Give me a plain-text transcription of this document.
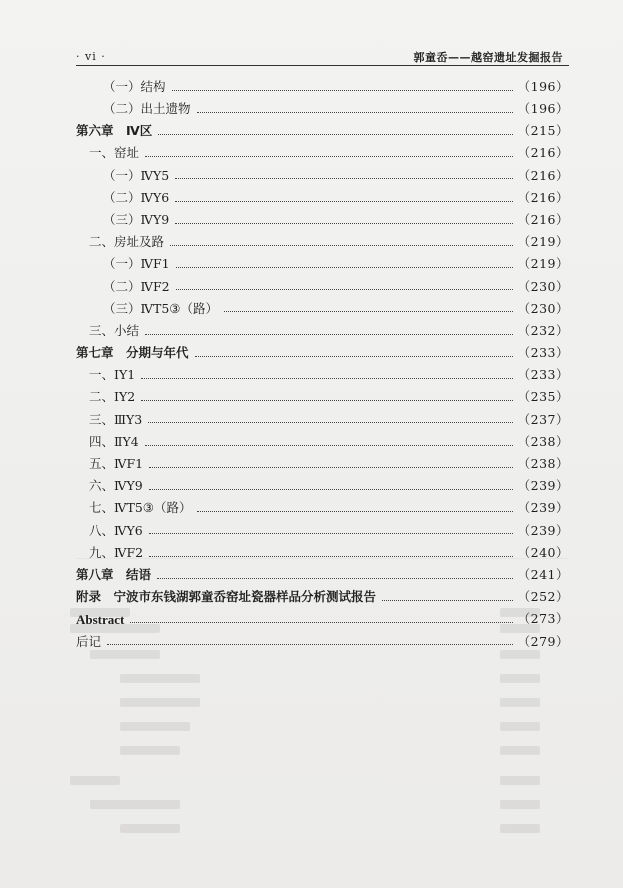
· vi ·	郭童岙——越窑遗址发掘报告
（一）结构	（196）
（二）出土遗物	（196）
第六章　Ⅳ区	（215）
一、窑址	（216）
（一）ⅣY5	（216）
（二）ⅣY6	（216）
（三）ⅣY9	（216）
二、房址及路	（219）
（一）ⅣF1	（219）
（二）ⅣF2	（230）
（三）ⅣT5③（路）	（230）
三、小结	（232）
第七章　分期与年代	（233）
一、ⅠY1	（233）
二、ⅠY2	（235）
三、ⅢY3	（237）
四、ⅡY4	（238）
五、ⅣF1	（238）
六、ⅣY9	（239）
七、ⅣT5③（路）	（239）
八、ⅣY6	（239）
九、ⅣF2	（240）
第八章　结语	（241）
附录　宁波市东钱湖郭童岙窑址瓷器样品分析测试报告	（252）
Abstract	（273）
后记	（279）
